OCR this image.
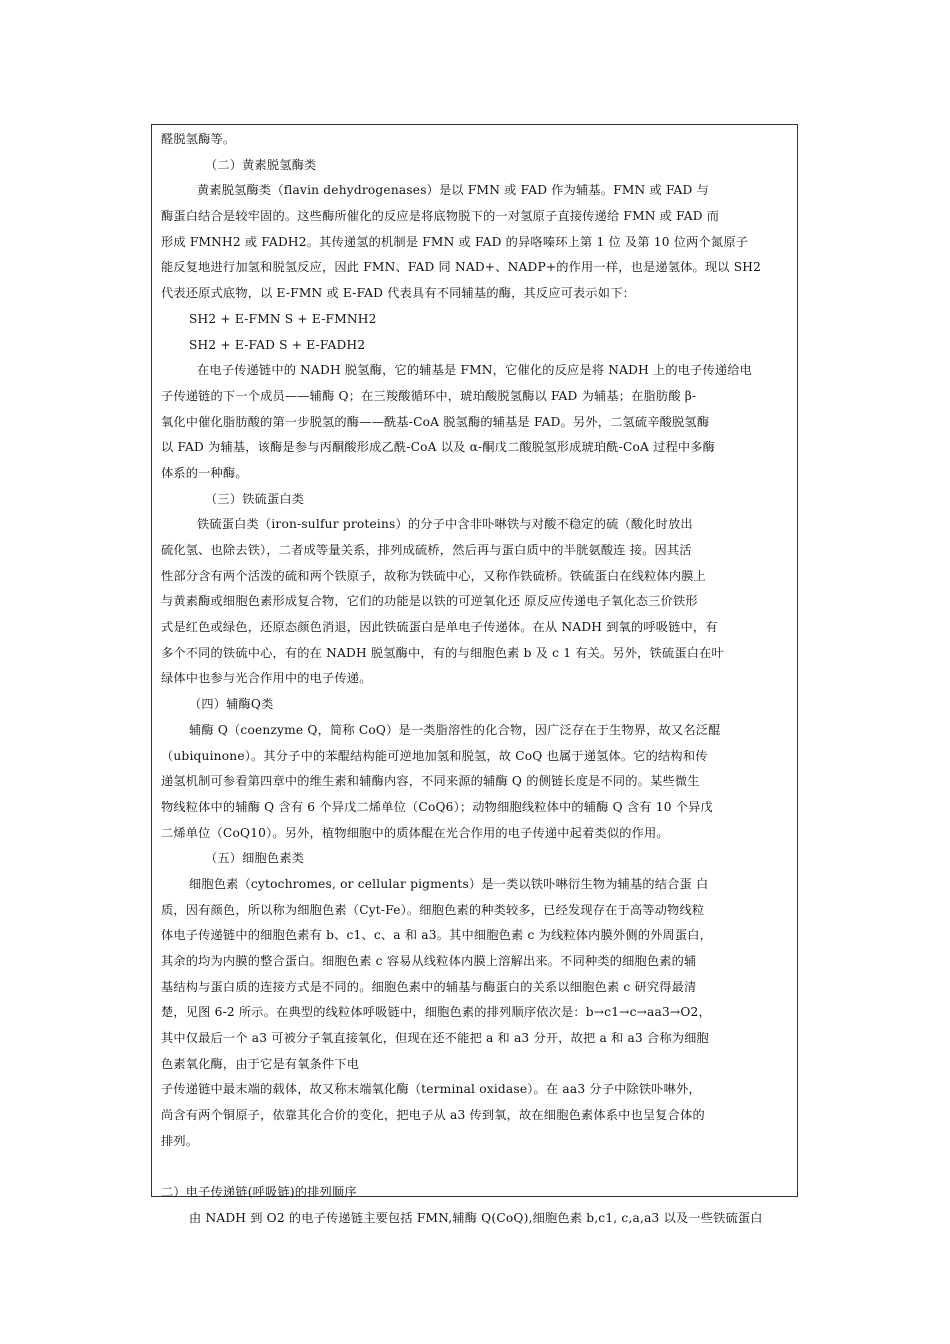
醛脱氢酶等。
（二）黄素脱氢酶类
黄素脱氢酶类（flavin dehydrogenases）是以 FMN 或 FAD 作为辅基。FMN 或 FAD 与
酶蛋白结合是较牢固的。这些酶所催化的反应是将底物脱下的一对氢原子直接传递给 FMN 或 FAD 而
形成 FMNH2 或 FADH2。其传递氢的机制是 FMN 或 FAD 的异咯嗪环上第 1 位 及第 10 位两个氮原子
能反复地进行加氢和脱氢反应，因此 FMN、FAD 同 NAD+、NADP+的作用一样，也是递氢体。现以 SH2
代表还原式底物，以 E-FMN 或 E-FAD 代表具有不同辅基的酶，其反应可表示如下：
SH2 + E-FMN S + E-FMNH2
SH2 + E-FAD S + E-FADH2
在电子传递链中的 NADH 脱氢酶，它的辅基是 FMN，它催化的反应是将 NADH 上的电子传递给电
子传递链的下一个成员——辅酶 Q；在三羧酸循环中，琥珀酸脱氢酶以 FAD 为辅基；在脂肪酸 β-
氧化中催化脂肪酸的第一步脱氢的酶——酰基-CoA 脱氢酶的辅基是 FAD。另外，二氢硫辛酸脱氢酶
以 FAD 为辅基，该酶是参与丙酮酸形成乙酰-CoA 以及 α-酮戊二酸脱氢形成琥珀酰-CoA 过程中多酶
体系的一种酶。
（三）铁硫蛋白类
铁硫蛋白类（iron-sulfur proteins）的分子中含非卟啉铁与对酸不稳定的硫（酸化时放出
硫化氢、也除去铁），二者成等量关系，排列成硫桥，然后再与蛋白质中的半胱氨酸连 接。因其活
性部分含有两个活泼的硫和两个铁原子，故称为铁硫中心，又称作铁硫桥。铁硫蛋白在线粒体内膜上
与黄素酶或细胞色素形成复合物，它们的功能是以铁的可逆氧化还 原反应传递电子氧化态三价铁形
式是红色或绿色，还原态颜色消退，因此铁硫蛋白是单电子传递体。在从 NADH 到氧的呼吸链中，有
多个不同的铁硫中心，有的在 NADH 脱氢酶中，有的与细胞色素 b 及 c 1 有关。另外，铁硫蛋白在叶
绿体中也参与光合作用中的电子传递。
（四）辅酶Q类
辅酶 Q（coenzyme Q，简称 CoQ）是一类脂溶性的化合物，因广泛存在于生物界，故又名泛醌
（ubiquinone）。其分子中的苯醌结构能可逆地加氢和脱氢，故 CoQ 也属于递氢体。它的结构和传
递氢机制可参看第四章中的维生素和辅酶内容，不同来源的辅酶 Q 的侧链长度是不同的。某些微生
物线粒体中的辅酶 Q 含有 6 个异戊二烯单位（CoQ6）；动物细胞线粒体中的辅酶 Q 含有 10 个异戊
二烯单位（CoQ10）。另外，植物细胞中的质体醌在光合作用的电子传递中起着类似的作用。
（五）细胞色素类
细胞色素（cytochromes, or cellular pigments）是一类以铁卟啉衍生物为辅基的结合蛋 白
质，因有颜色，所以称为细胞色素（Cyt-Fe）。细胞色素的种类较多，已经发现存在于高等动物线粒
体电子传递链中的细胞色素有 b、c1、c、a 和 a3。其中细胞色素 c 为线粒体内膜外侧的外周蛋白，
其余的均为内膜的整合蛋白。细胞色素 c 容易从线粒体内膜上溶解出来。不同种类的细胞色素的辅
基结构与蛋白质的连接方式是不同的。细胞色素中的辅基与酶蛋白的关系以细胞色素 c 研究得最清
楚，见图 6-2 所示。在典型的线粒体呼吸链中，细胞色素的排列顺序依次是：b→c1→c→aa3→O2，
其中仅最后一个 a3 可被分子氧直接氧化，但现在还不能把 a 和 a3 分开，故把 a 和 a3 合称为细胞
色素氧化酶，由于它是有氧条件下电
子传递链中最末端的载体，故又称末端氧化酶（terminal oxidase）。在 aa3 分子中除铁卟啉外，
尚含有两个铜原子，依靠其化合价的变化，把电子从 a3 传到氧，故在细胞色素体系中也呈复合体的
排列。
二）电子传递链(呼吸链)的排列顺序
由 NADH 到 O2 的电子传递链主要包括 FMN,辅酶 Q(CoQ),细胞色素 b,c1, c,a,a3 以及一些铁硫蛋白
